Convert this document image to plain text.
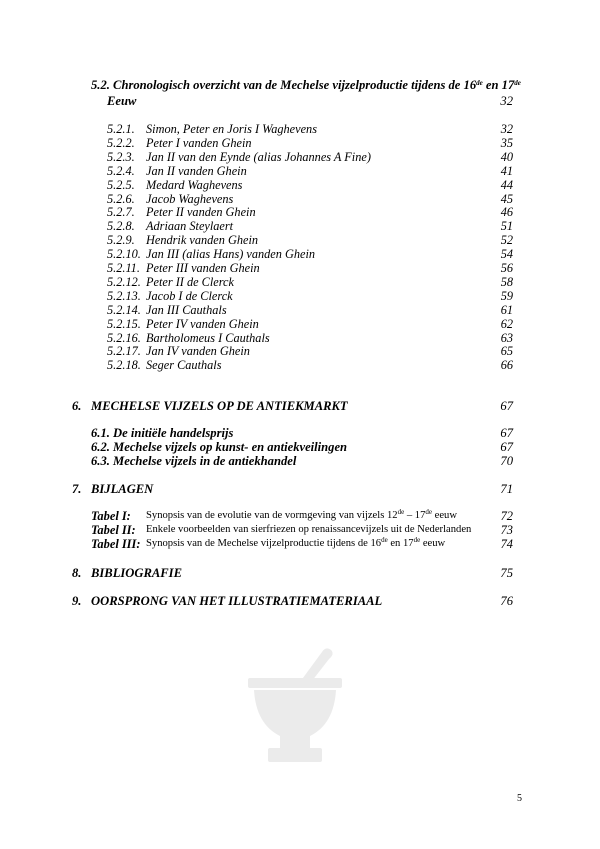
5.2. Chronologisch overzicht van de Mechelse vijzelproductie tijdens de 16de en 17de
Eeuw	32
5.2.1. Simon, Peter en Joris I Waghevens	32
5.2.2. Peter I vanden Ghein	35
5.2.3. Jan II van den Eynde (alias Johannes A Fine)	40
5.2.4. Jan II vanden Ghein	41
5.2.5. Medard Waghevens	44
5.2.6. Jacob Waghevens	45
5.2.7. Peter II vanden Ghein	46
5.2.8. Adriaan Steylaert	51
5.2.9. Hendrik vanden Ghein	52
5.2.10. Jan III (alias Hans) vanden Ghein	54
5.2.11. Peter III vanden Ghein	56
5.2.12. Peter II de Clerck	58
5.2.13. Jacob I de Clerck	59
5.2.14. Jan III Cauthals	61
5.2.15. Peter IV vanden Ghein	62
5.2.16. Bartholomeus I Cauthals	63
5.2.17. Jan IV vanden Ghein	65
5.2.18. Seger Cauthals	66
6. MECHELSE VIJZELS OP DE ANTIEKMARKT	67
6.1. De initiële handelsprijs	67
6.2. Mechelse vijzels op kunst- en antiekveilingen	67
6.3. Mechelse vijzels in de antiekhandel	70
7. BIJLAGEN	71
Tabel I: Synopsis van de evolutie van de vormgeving van vijzels 12de – 17de eeuw	72
Tabel II: Enkele voorbeelden van sierfriezen op renaissancevijzels uit de Nederlanden 73
Tabel III: Synopsis van de Mechelse vijzelproductie tijdens de 16de en 17de eeuw	74
8. BIBLIOGRAFIE	75
9. OORSPRONG VAN HET ILLUSTRATIEMATERIAAL	76
5
